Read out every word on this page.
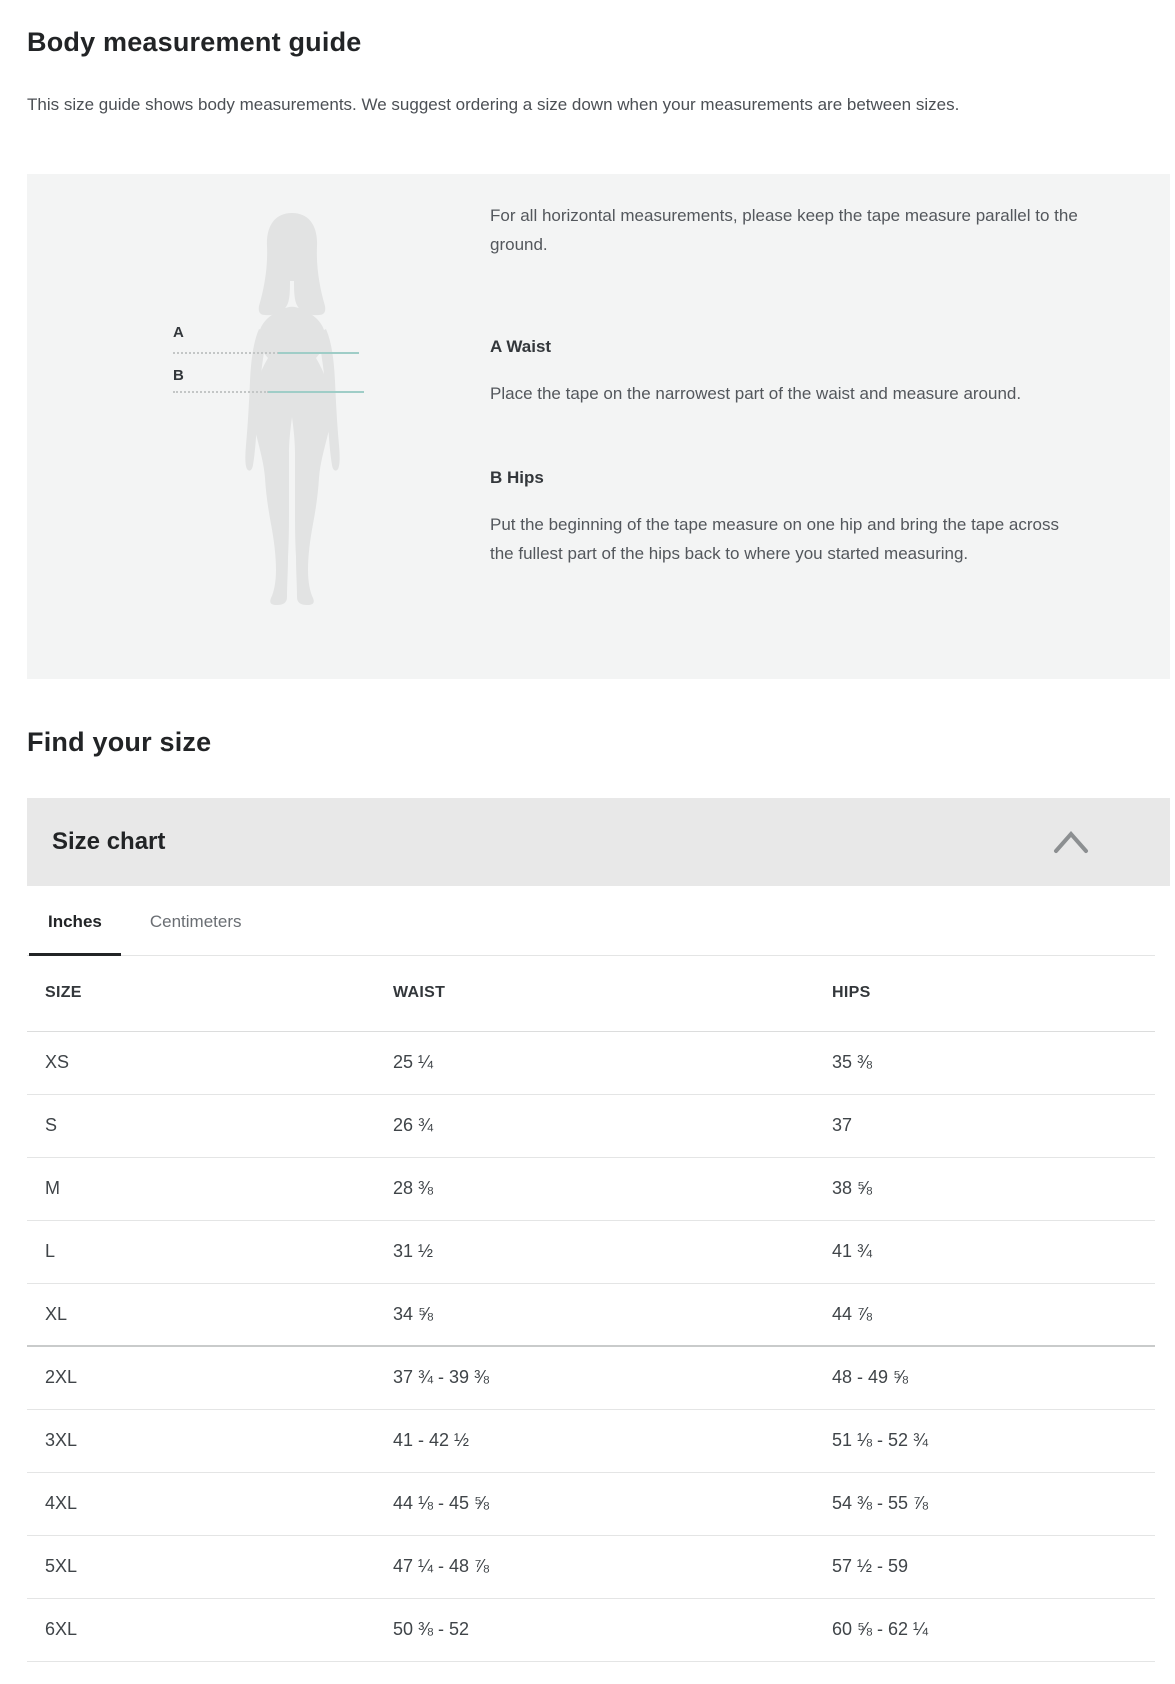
Body measurement guide
This size guide shows body measurements. We suggest ordering a size down when your measurements are between sizes.
A
B

For all horizontal measurements, please keep the tape measure parallel to the ground.

A Waist

Place the tape on the narrowest part of the waist and measure around.

B Hips

Put the beginning of the tape measure on one hip and bring the tape across the fullest part of the hips back to where you started measuring.

Find your size
Size chart
Inches	Centimeters
SIZE	WAIST	HIPS
XS	25 ¼	35 ⅜
S	26 ¾	37
M	28 ⅜	38 ⅝
L	31 ½	41 ¾
XL	34 ⅝	44 ⅞
2XL	37 ¾ - 39 ⅜	48 - 49 ⅝
3XL	41 - 42 ½	51 ⅛ - 52 ¾
4XL	44 ⅛ - 45 ⅝	54 ⅜ - 55 ⅞
5XL	47 ¼ - 48 ⅞	57 ½ - 59
6XL	50 ⅜ - 52	60 ⅝ - 62 ¼
